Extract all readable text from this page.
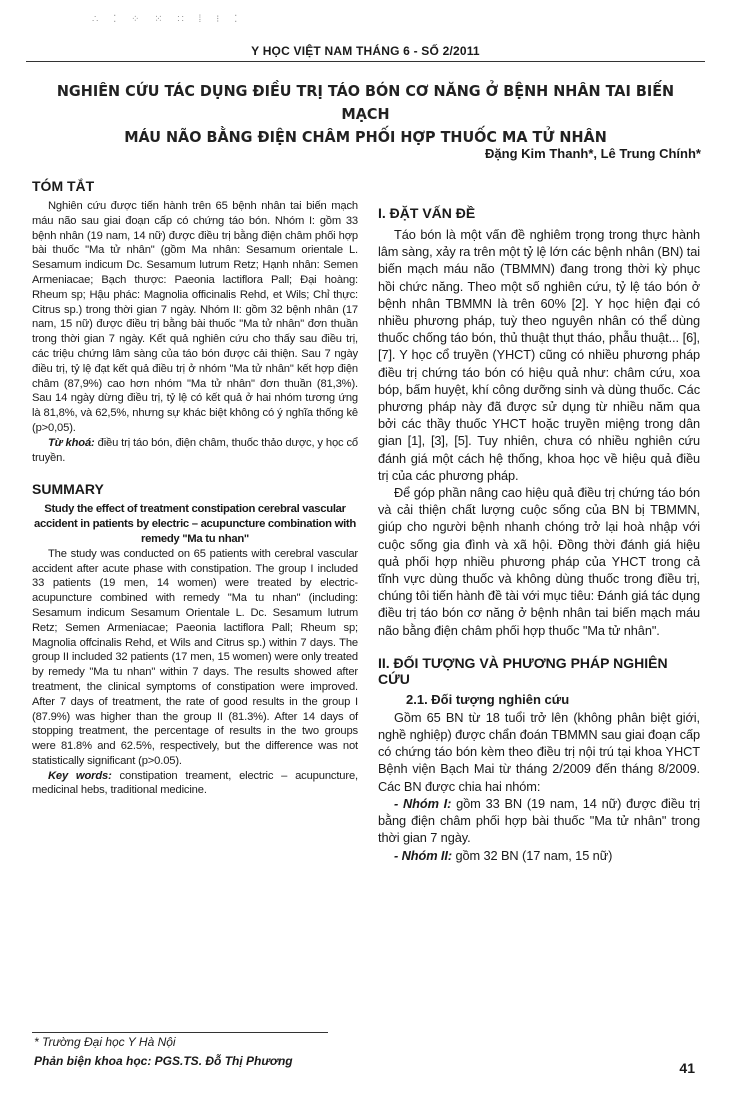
∴ ⁚ ⁘ ⁙ ∷ ⁞ ⁝ ⁚
Y HỌC VIỆT NAM THÁNG 6 - SỐ 2/2011
NGHIÊN CỨU TÁC DỤNG ĐIỀU TRỊ TÁO BÓN CƠ NĂNG Ở BỆNH NHÂN TAI BIẾN MẠCH
MÁU NÃO BẰNG ĐIỆN CHÂM PHỐI HỢP THUỐC MA TỬ NHÂN
Đặng Kim Thanh*, Lê Trung Chính*
TÓM TẮT

Nghiên cứu được tiến hành trên 65 bệnh nhân tai biến mạch máu não sau giai đoạn cấp có chứng táo bón. Nhóm I: gồm 33 bệnh nhân (19 nam, 14 nữ) được điều trị bằng điện châm phối hợp bài thuốc "Ma tử nhân" (gồm Ma nhân: Sesamum orientale L. Sesamum indicum Dc. Sesamum lutrum Retz; Hạnh nhân: Semen Armeniacae; Bạch thược: Paeonia lactiflora Pall; Đại hoàng: Rheum sp; Hậu phác: Magnolia officinalis Rehd, et Wils; Chỉ thực: Citrus sp.) trong thời gian 7 ngày. Nhóm II: gồm 32 bệnh nhân (17 nam, 15 nữ) được điều trị bằng bài thuốc "Ma tử nhân" đơn thuần trong thời gian 7 ngày. Kết quả nghiên cứu cho thấy sau điều trị, các triệu chứng lâm sàng của táo bón được cải thiện. Sau 7 ngày điều trị, tỷ lệ đạt kết quả điều trị ở nhóm "Ma tử nhân" kết hợp điện châm (87,9%) cao hơn nhóm "Ma tử nhân" đơn thuần (81,3%). Sau 14 ngày dừng điều trị, tỷ lệ có kết quả ở hai nhóm tương ứng là 81,8%, và 62,5%, nhưng sự khác biệt không có ý nghĩa thống kê (p>0,05).

Từ khoá: điều trị táo bón, điện châm, thuốc thảo dược, y học cổ truyền.

SUMMARY

Study the effect of treatment constipation cerebral vascular accident in patients by electric – acupuncture combination with remedy "Ma tu nhan"

The study was conducted on 65 patients with cerebral vascular accident after acute phase with constipation. The group I included 33 patients (19 men, 14 women) were treated by electric-acupuncture combined with remedy "Ma tu nhan" (including: Sesamum indicum Sesamum Orientale L. Dc. Sesamum lutrum Retz; Semen Armeniacae; Paeonia lactiflora Pall; Rheum sp; Magnolia offcinalis Rehd, et Wils and Citrus sp.) within 7 days. The group II included 32 patients (17 men, 15 women) were only treated by remedy "Ma tu nhan" within 7 days. The results showed after treatment, the clinical symptoms of constipation were improved. After 7 days of treatment, the rate of good results in the group I (87.9%) was higher than the group II (81.3%). After 14 days of stopping treatment, the percentage of results in the two groups were 81.8% and 62.5%, respectively, but the difference was not statistically significant (p>0.05).

Key words: constipation treament, electric – acupuncture, medicinal hebs, traditional medicine.

I. ĐẶT VẤN ĐỀ

Táo bón là một vấn đề nghiêm trọng trong thực hành lâm sàng, xảy ra trên một tỷ lệ lớn các bệnh nhân (BN) tai biến mạch máu não (TBMMN) đang trong thời kỳ phục hồi chức năng. Theo một số nghiên cứu, tỷ lệ táo bón ở bệnh nhân TBMMN là trên 60% [2]. Y học hiện đại có nhiều phương pháp, tuỳ theo nguyên nhân có thể dùng thuốc chống táo bón, thủ thuật thụt tháo, phẫu thuật... [6], [7]. Y học cổ truyền (YHCT) cũng có nhiều phương pháp điều trị chứng táo bón có hiệu quả như: châm cứu, xoa bóp, bấm huyệt, khí công dưỡng sinh và dùng thuốc. Các phương pháp này đã được sử dụng từ nhiều năm qua bởi các thầy thuốc YHCT hoặc truyền miệng trong dân gian [1], [3], [5]. Tuy nhiên, chưa có nhiều nghiên cứu đánh giá một cách hệ thống, khoa học về hiệu quả điều trị của các phương pháp.

Để góp phần nâng cao hiệu quả điều trị chứng táo bón và cải thiện chất lượng cuộc sống của BN bị TBMMN, giúp cho người bệnh nhanh chóng trở lại hoà nhập với cuộc sống gia đình và xã hội. Đồng thời đánh giá hiệu quả phối hợp nhiều phương pháp của YHCT trong cả tĩnh vực dùng thuốc và không dùng thuốc trong điều trị, chúng tôi tiến hành đề tài với mục tiêu: Đánh giá tác dụng điều trị táo bón cơ năng ở bệnh nhân tai biến mạch máu não bằng điện châm phối hợp thuốc "Ma tử nhân".

II. ĐỐI TƯỢNG VÀ PHƯƠNG PHÁP NGHIÊN CỨU
2.1. Đối tượng nghiên cứu

Gồm 65 BN từ 18 tuổi trở lên (không phân biệt giới, nghề nghiệp) được chẩn đoán TBMMN sau giai đoạn cấp có chứng táo bón kèm theo điều trị nội trú tại khoa YHCT Bệnh viện Bạch Mai từ tháng 2/2009 đến tháng 8/2009. Các BN được chia hai nhóm:

- Nhóm I: gồm 33 BN (19 nam, 14 nữ) được điều trị bằng điện châm phối hợp bài thuốc "Ma tử nhân" trong thời gian 7 ngày.

- Nhóm II: gồm 32 BN (17 nam, 15 nữ)

* Trường Đại học Y Hà Nội
Phản biện khoa học: PGS.TS. Đỗ Thị Phương	41
